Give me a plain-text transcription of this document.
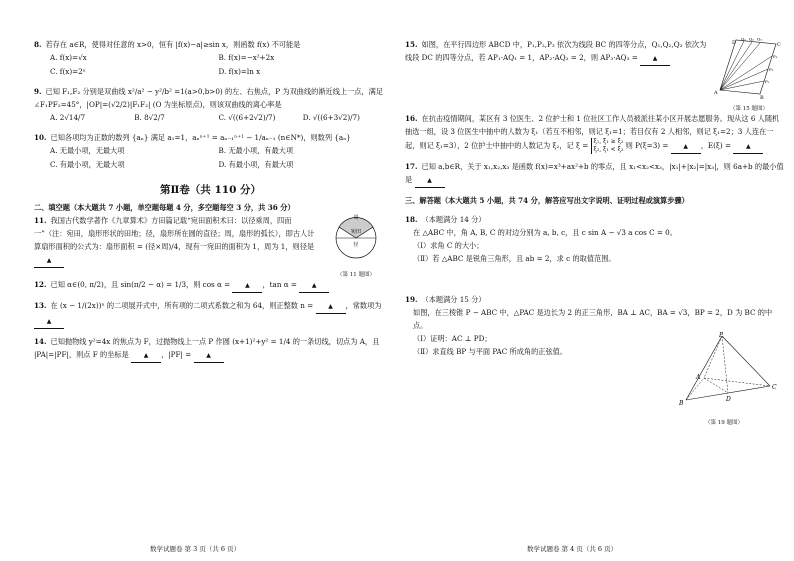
8. 若存在 a∈R，使得对任意的 x>0，恒有 |f(x)−a|≥sin x，则函数 f(x) 不可能是

A. f(x)=√x	B. f(x)=−x²+2x
C. f(x)=2ˣ	D. f(x)=ln x

9. 已知 F₁,F₂ 分别是双曲线 x²/a² − y²/b² =1(a>0,b>0) 的左、右焦点，P 为双曲线的渐近线上一点，满足 ∠F₁PF₂=45°，|OP|=(√2/2)|F₁F₂| (O 为坐标原点)，则该双曲线的离心率是

A. 2√14/7	B. 8√2/7	C. √((6+2√2)/7)	D. √((6+3√2)/7)

10. 已知各项均为正数的数列 {aₙ} 满足 a₁=1，aₙⁿ⁺¹ = aₙ₋₁ⁿ⁺¹ − 1/aₙ₋₁ (n∈N*)，则数列 {aₙ}

A. 无最小项，无最大项	B. 无最小项，有最大项
C. 有最小项，无最大项	D. 有最小项，有最大项
第Ⅱ卷（共 110 分）
二、填空题（本大题共 7 小题，单空题每题 4 分，多空题每空 3 分，共 36 分）

11. 我国古代数学著作《九章算术》方田篇记载“宛田面积术曰：以径乘周，四而一”（注：宛田，扇形形状的田地；径，扇形所在圆的直径；周，扇形的弧长），即古人计算扇形面积的公式为：扇形面积 = (径×周)/4，现有一宛田的面积为 1，周为 1，则径是 ▲

周
宛田
径
（第 11 题图）

12. 已知 α∈(0, π/2)，且 sin(π/2 − α) = 1/3，则 cos α = ▲ ，tan α = ▲

13. 在 (x − 1/(2x))ⁿ 的二项展开式中，所有项的二项式系数之和为 64，则正整数 n = ▲ ，常数项为 ▲

14. 已知抛物线 y²=4x 的焦点为 F，过抛物线上一点 P 作圆 (x+1)²+y² = 1/4 的一条切线，切点为 A，且 |PA|=|PF|，则点 F 的坐标是 ▲ ，|PF| = ▲

数学试题卷 第 3 页（共 6 页）

15. 如图，在平行四边形 ABCD 中，P₁,P₂,P₃ 依次为线段 BC 的四等分点，Q₁,Q₂,Q₃ 依次为线段 DC 的四等分点，若 AP₁·AQ₁ = 1，AP₂·AQ₂ = 2，则 AP₃·AQ₃ = ▲

D
Q₁ Q₂ Q₃
C
P₃
P₂
P₁
A
B
（第 15 题图）

16. 在抗击疫情期间，某区有 3 位医生、2 位护士和 1 位社区工作人员被派往某小区开展志愿服务。现从这 6 人随机抽选一组，设 3 位医生中抽中的人数为 ξ₁（若互不相邻，则记 ξ₁=1；若目仅有 2 人相邻，则记 ξ₁=2；3 人连在一起，则记 ξ₁=3），2 位护士中抽中的人数记为 ξ₂，记 ξ = ξ₁, ξ₁ ≥ ξ₂
ξ₂, ξ₁ < ξ₂ 则 P(ξ=3) = ▲ ，E(ξ) = ▲

17. 已知 a,b∈R，关于 x₁,x₂,x₃ 是函数 f(x)=x³+ax²+b 的零点，且 x₁<x₂<x₃，|x₁|+|x₂|=|x₃|，则 6a+b 的最小值是 ▲

三、解答题（本大题共 5 小题，共 74 分，解答应写出文字说明、证明过程或演算步骤）

18. （本题满分 14 分）

在 △ABC 中，角 A, B, C 的对边分别为 a, b, c，且 c sin A − √3 a cos C = 0。

（Ⅰ）求角 C 的大小；

（Ⅱ）若 △ABC 是锐角三角形，且 ab = 2，求 c 的取值范围。

19. （本题满分 15 分）

如图，在三棱锥 P − ABC 中，△PAC 是边长为 2 的正三角形，BA ⊥ AC，BA = √3，BP = 2，D 为 BC 的中点。

（Ⅰ）证明：AC ⊥ PD；

（Ⅱ）求直线 BP 与平面 PAC 所成角的正弦值。

P
A
B
C
D
（第 19 题图）
数学试题卷 第 4 页（共 6 页）
